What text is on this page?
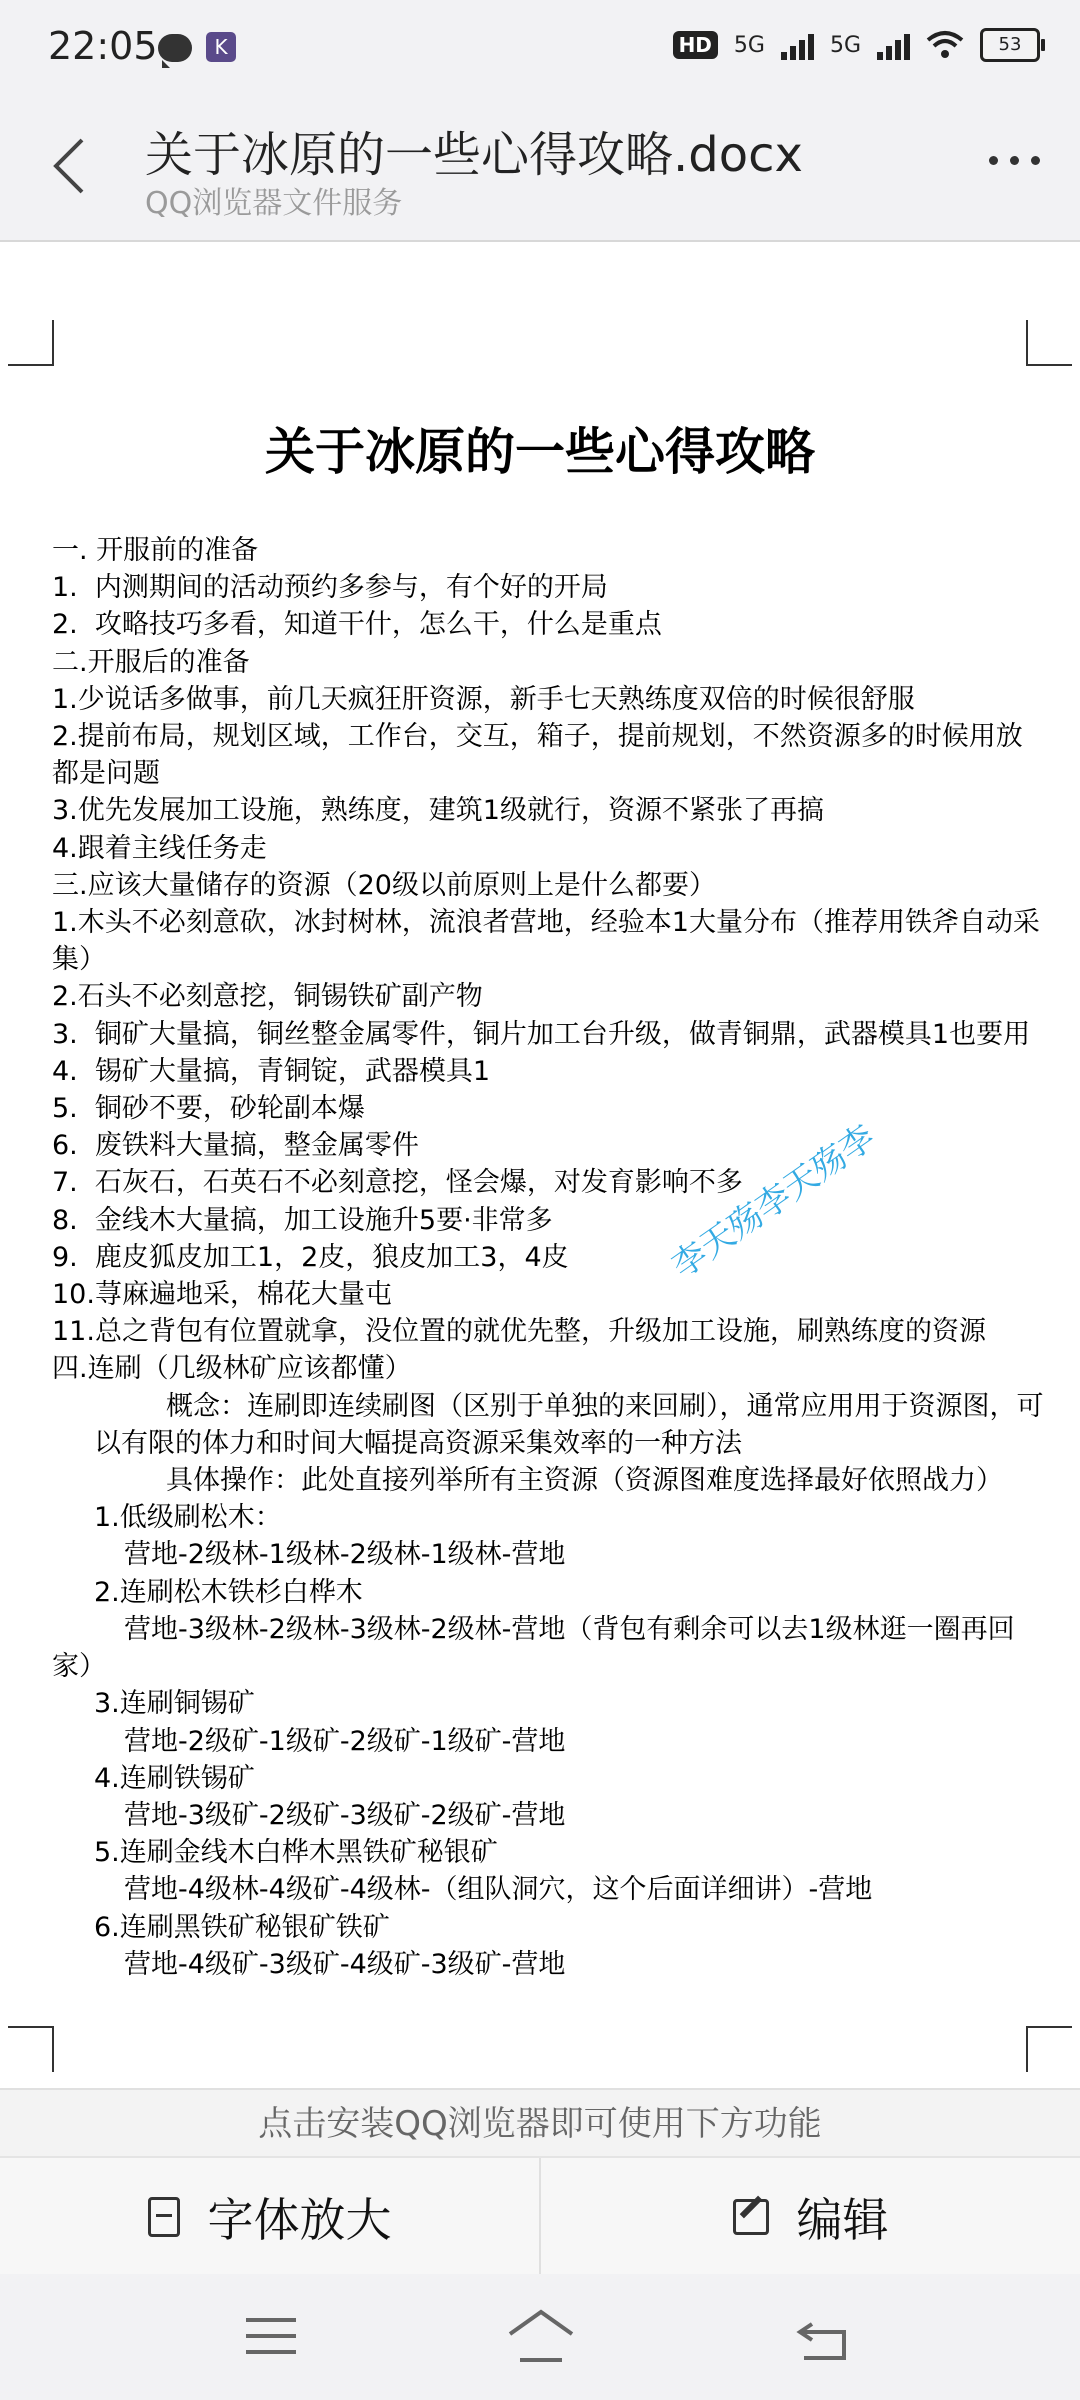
22:05	K	HD 5G	5G	53
关于冰原的一些心得攻略.docx
QQ浏览器文件服务
关于冰原的一些心得攻略
一. 开服前的准备
1.  内测期间的活动预约多参与，有个好的开局
2.  攻略技巧多看，知道干什，怎么干，什么是重点
二.开服后的准备
1.少说话多做事，前几天疯狂肝资源，新手七天熟练度双倍的时候很舒服
2.提前布局，规划区域，工作台，交互，箱子，提前规划，不然资源多的时候用放都是问题
3.优先发展加工设施，熟练度，建筑1级就行，资源不紧张了再搞
4.跟着主线任务走
三.应该大量储存的资源（20级以前原则上是什么都要）
1.木头不必刻意砍，冰封树林，流浪者营地，经验本1大量分布（推荐用铁斧自动采集）
2.石头不必刻意挖，铜锡铁矿副产物
3.  铜矿大量搞，铜丝整金属零件，铜片加工台升级，做青铜鼎，武器模具1也要用
4.  锡矿大量搞，青铜锭，武器模具1
5.  铜砂不要，砂轮副本爆
6.  废铁料大量搞，整金属零件
7.  石灰石，石英石不必刻意挖，怪会爆，对发育影响不多
8.  金线木大量搞，加工设施升5要·非常多
9.  鹿皮狐皮加工1，2皮，狼皮加工3，4皮
10.荨麻遍地采，棉花大量屯
11.总之背包有位置就拿，没位置的就优先整，升级加工设施，刷熟练度的资源
四.连刷（几级林矿应该都懂）
概念：连刷即连续刷图（区别于单独的来回刷），通常应用用于资源图，可以有限的体力和时间大幅提高资源采集效率的一种方法
具体操作：此处直接列举所有主资源（资源图难度选择最好依照战力）
1.低级刷松木：
营地-2级林-1级林-2级林-1级林-营地
2.连刷松木铁杉白桦木
营地-3级林-2级林-3级林-2级林-营地（背包有剩余可以去1级林逛一圈再回家）
3.连刷铜锡矿
营地-2级矿-1级矿-2级矿-1级矿-营地
4.连刷铁锡矿
营地-3级矿-2级矿-3级矿-2级矿-营地
5.连刷金线木白桦木黑铁矿秘银矿
营地-4级林-4级矿-4级林-（组队洞穴，这个后面详细讲）-营地
6.连刷黑铁矿秘银矿铁矿
营地-4级矿-3级矿-4级矿-3级矿-营地
李天殇李天殇李
点击安装QQ浏览器即可使用下方功能
字体放大	编辑
